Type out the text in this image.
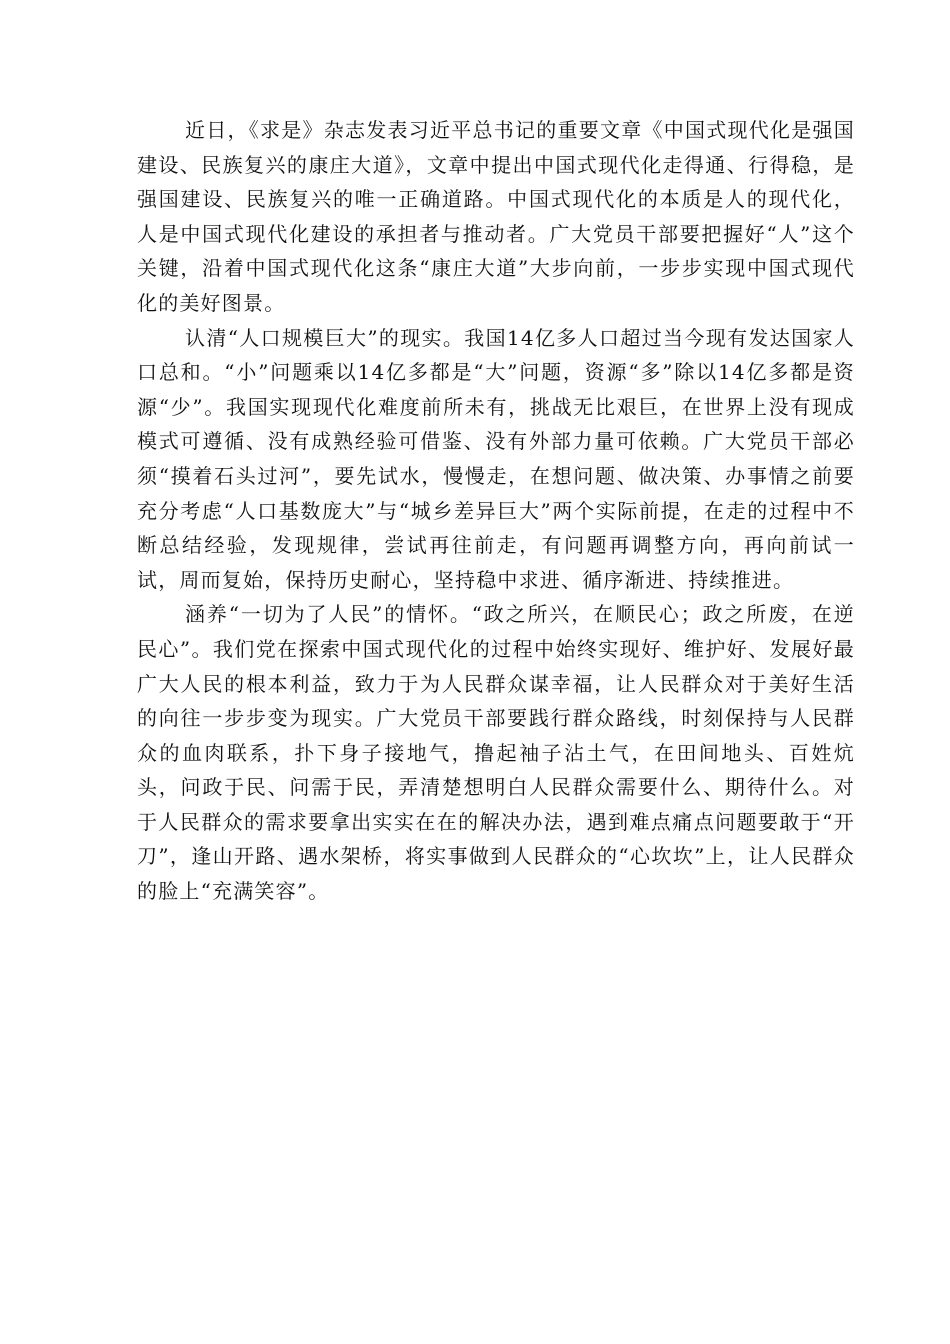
近日，《求是》杂志发表习近平总书记的重要文章《中国式现代化是强国建设、民族复兴的康庄大道》，文章中提出中国式现代化走得通、行得稳，是强国建设、民族复兴的唯一正确道路。中国式现代化的本质是人的现代化，人是中国式现代化建设的承担者与推动者。广大党员干部要把握好“人”这个关键，沿着中国式现代化这条“康庄大道”大步向前，一步步实现中国式现代化的美好图景。

认清“人口规模巨大”的现实。我国14亿多人口超过当今现有发达国家人口总和。“小”问题乘以14亿多都是“大”问题，资源“多”除以14亿多都是资源“少”。我国实现现代化难度前所未有，挑战无比艰巨，在世界上没有现成模式可遵循、没有成熟经验可借鉴、没有外部力量可依赖。广大党员干部必须“摸着石头过河”，要先试水，慢慢走，在想问题、做决策、办事情之前要充分考虑“人口基数庞大”与“城乡差异巨大”两个实际前提，在走的过程中不断总结经验，发现规律，尝试再往前走，有问题再调整方向，再向前试一试，周而复始，保持历史耐心，坚持稳中求进、循序渐进、持续推进。

涵养“一切为了人民”的情怀。“政之所兴，在顺民心；政之所废，在逆民心”。我们党在探索中国式现代化的过程中始终实现好、维护好、发展好最广大人民的根本利益，致力于为人民群众谋幸福，让人民群众对于美好生活的向往一步步变为现实。广大党员干部要践行群众路线，时刻保持与人民群众的血肉联系，扑下身子接地气，撸起袖子沾土气，在田间地头、百姓炕头，问政于民、问需于民，弄清楚想明白人民群众需要什么、期待什么。对于人民群众的需求要拿出实实在在的解决办法，遇到难点痛点问题要敢于“开刀”，逢山开路、遇水架桥，将实事做到人民群众的“心坎坎”上，让人民群众的脸上“充满笑容”。
